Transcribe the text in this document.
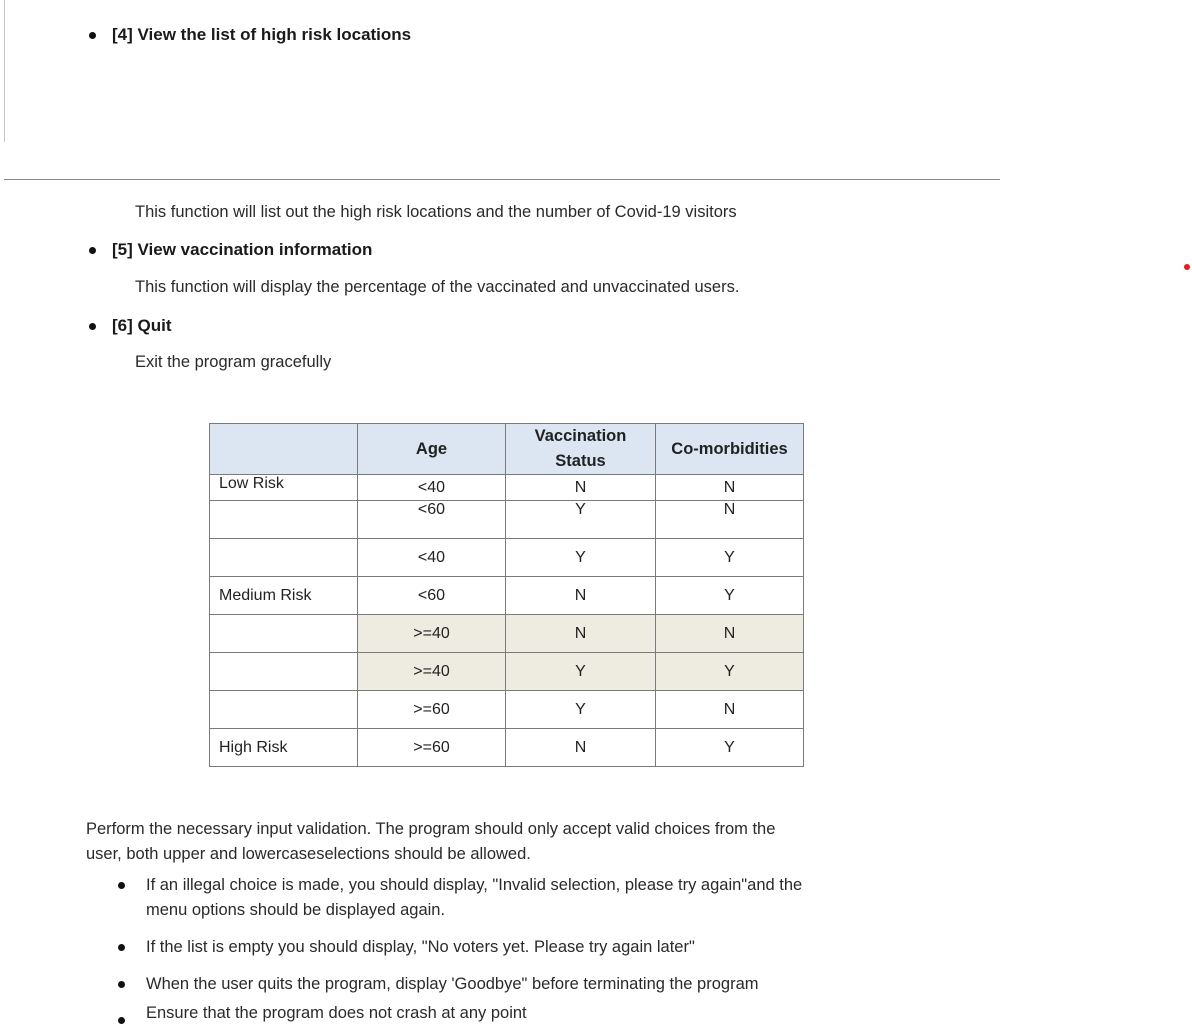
[4] View the list of high risk locations
This function will list out the high risk locations and the number of Covid-19 visitors
[5] View vaccination information
This function will display the percentage of the vaccinated and unvaccinated users.
[6] Quit
Exit the program gracefully
	Age	Vaccination Status	Co-morbidities
Low Risk	<40	N	N
	<60	Y	N
	<40	Y	Y
Medium Risk	<60	N	Y
	>=40	N	N
	>=40	Y	Y
	>=60	Y	N
High Risk	>=60	N	Y
Perform the necessary input validation. The program should only accept valid choices from the
user, both upper and lowercaseselections should be allowed.
If an illegal choice is made, you should display, "Invalid selection, please try again"and the
menu options should be displayed again.
If the list is empty you should display, "No voters yet. Please try again later"
When the user quits the program, display 'Goodbye" before terminating the program
Ensure that the program does not crash at any point
